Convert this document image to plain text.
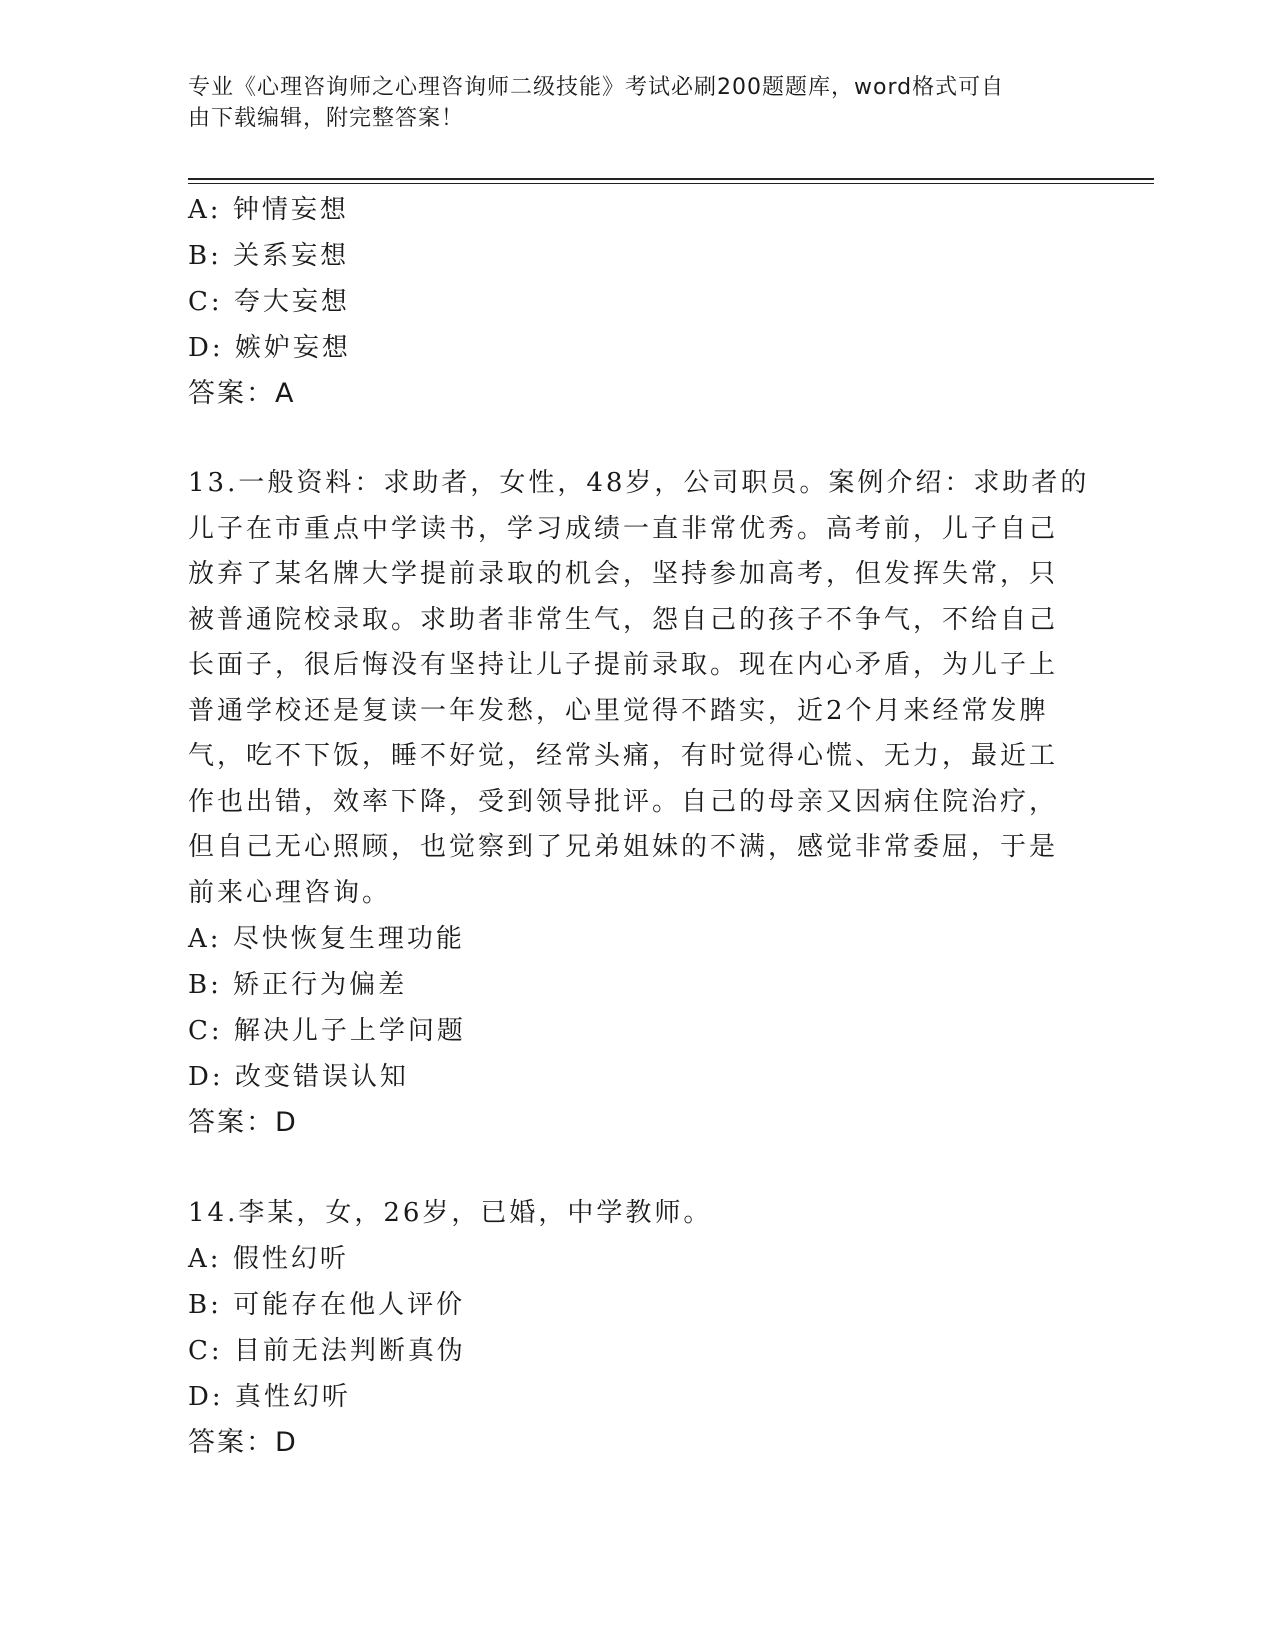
专业《心理咨询师之心理咨询师二级技能》考试必刷200题题库，word格式可自
由下载编辑，附完整答案！
A: 钟情妄想
B: 关系妄想
C: 夸大妄想
D: 嫉妒妄想
答案：A
13.一般资料：求助者，女性，48岁，公司职员。案例介绍：求助者的
儿子在市重点中学读书，学习成绩一直非常优秀。高考前，儿子自己
放弃了某名牌大学提前录取的机会，坚持参加高考，但发挥失常，只
被普通院校录取。求助者非常生气，怨自己的孩子不争气，不给自己
长面子，很后悔没有坚持让儿子提前录取。现在内心矛盾，为儿子上
普通学校还是复读一年发愁，心里觉得不踏实，近2个月来经常发脾
气，吃不下饭，睡不好觉，经常头痛，有时觉得心慌、无力，最近工
作也出错，效率下降，受到领导批评。自己的母亲又因病住院治疗，
但自己无心照顾，也觉察到了兄弟姐妹的不满，感觉非常委屈，于是
前来心理咨询。
A: 尽快恢复生理功能
B: 矫正行为偏差
C: 解决儿子上学问题
D: 改变错误认知
答案：D
14.李某，女，26岁，已婚，中学教师。
A: 假性幻听
B: 可能存在他人评价
C: 目前无法判断真伪
D: 真性幻听
答案：D
